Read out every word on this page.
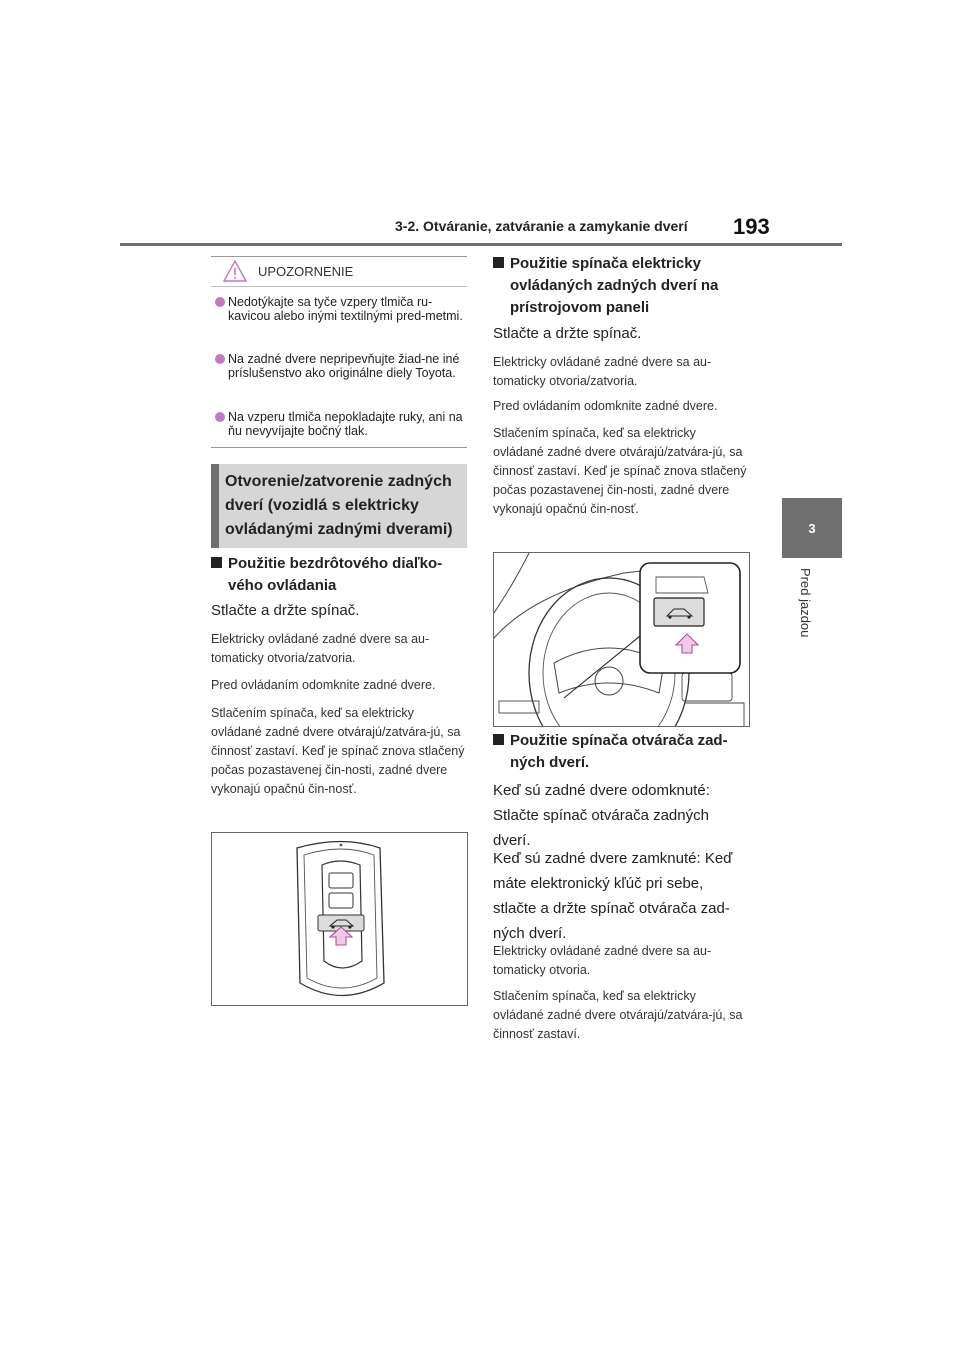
3-2. Otváranie, zatváranie a zamykanie dverí 193
3
Pred jazdou
UPOZORNENIE
Nedotýkajte sa tyče vzpery tlmiča ru-kavicou alebo inými textilnými pred-metmi.
Na zadné dvere nepripevňujte žiad-ne iné príslušenstvo ako originálne diely Toyota.
Na vzperu tlmiča nepokladajte ruky, ani na ňu nevyvíjajte bočný tlak.
Otvorenie/zatvorenie zadných dverí (vozidlá s elektricky ovládanými zadnými dverami)
Použitie bezdrôtového diaľko-vého ovládania
Stlačte a držte spínač.
Elektricky ovládané zadné dvere sa au-tomaticky otvoria/zatvoria.
Pred ovládaním odomknite zadné dvere.
Stlačením spínača, keď sa elektricky ovládané zadné dvere otvárajú/zatvára-jú, sa činnosť zastaví. Keď je spínač znova stlačený počas pozastavenej čin-nosti, zadné dvere vykonajú opačnú čin-nosť.
Použitie spínača elektricky ovládaných zadných dverí na prístrojovom paneli
Stlačte a držte spínač.
Elektricky ovládané zadné dvere sa au-tomaticky otvoria/zatvoria.
Pred ovládaním odomknite zadné dvere.
Stlačením spínača, keď sa elektricky ovládané zadné dvere otvárajú/zatvára-jú, sa činnosť zastaví. Keď je spínač znova stlačený počas pozastavenej čin-nosti, zadné dvere vykonajú opačnú čin-nosť.
Použitie spínača otvárača zad-ných dverí.
Keď sú zadné dvere odomknuté: Stlačte spínač otvárača zadných dverí.
Keď sú zadné dvere zamknuté: Keď máte elektronický kľúč pri sebe, stlačte a držte spínač otvárača zad-ných dverí.
Elektricky ovládané zadné dvere sa au-tomaticky otvoria.
Stlačením spínača, keď sa elektricky ovládané zadné dvere otvárajú/zatvára-jú, sa činnosť zastaví.
